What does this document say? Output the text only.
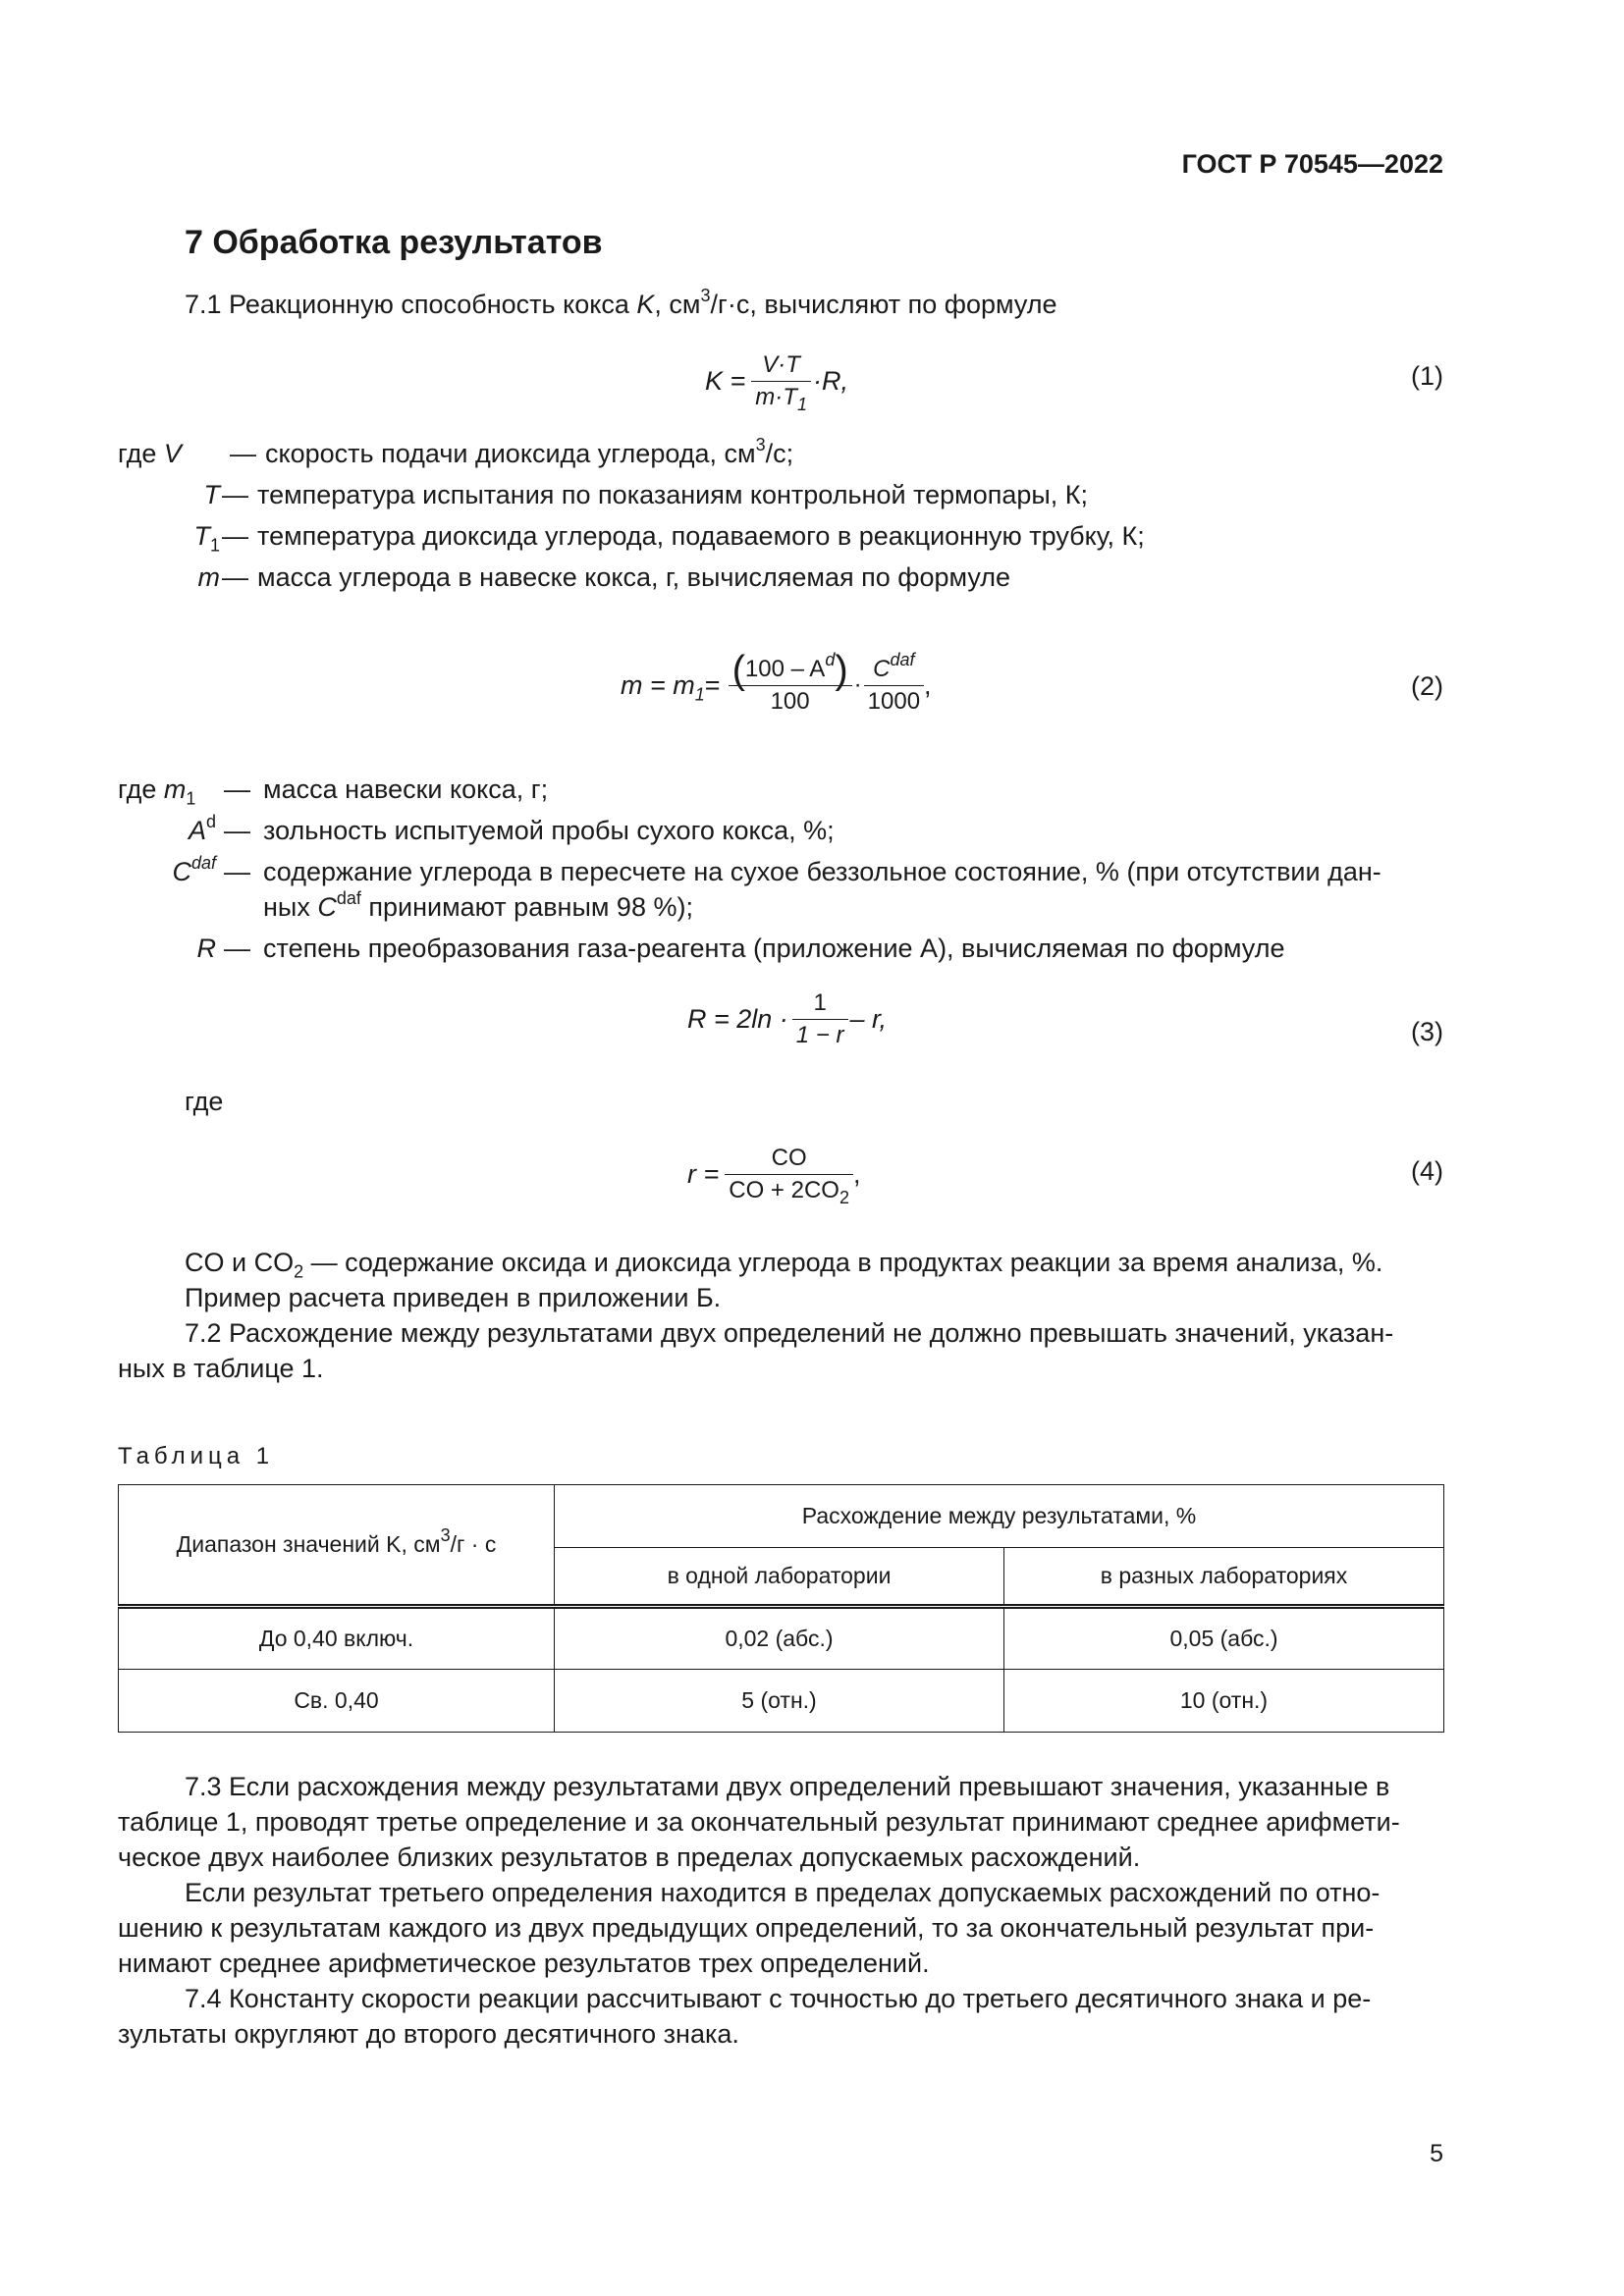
ГОСТ Р 70545—2022
7 Обработка результатов
7.1 Реакционную способность кокса K, $см^3/г\cdot с$, вычисляют по формуле
$K = \frac{V\cdot T}{m\cdot T_1} \cdot R$,	(1)
где V	— скорость подачи диоксида углерода, $см^3/с$;
T — температура испытания по показаниям контрольной термопары, К;
$T_1$ — температура диоксида углерода, подаваемого в реакционную трубку, К;
m — масса углерода в навеске кокса, г, вычисляемая по формуле
$m = m_1 = \frac{(100 - A^d)}{100} \cdot \frac{C^{daf}}{1000}$ ,	(2)
где $m_1$	— масса навески кокса, г;
$A^d$ — зольность испытуемой пробы сухого кокса, %;
$C^{daf}$ — содержание углерода в пересчете на сухое беззольное состояние, % (при отсутствии дан-
ных $C^{daf}$ принимают равным 98 %);
R — степень преобразования газа-реагента (приложение А), вычисляемая по формуле
$R = 2\ln \cdot \frac{1}{1 - r} - r$,	(3)
где
$r = \frac{CO}{CO + 2CO_2}$ ,	(4)
CO и $CO_2$ — содержание оксида и диоксида углерода в продуктах реакции за время анализа, %.
Пример расчета приведен в приложении Б.
7.2 Расхождение между результатами двух определений не должно превышать значений, указан-
ных в таблице 1.
Таблица 1
Диапазон значений K, $см^3/г \cdot с$	Расхождение между результатами, %	
	в одной лаборатории	в разных лабораториях
До 0,40 включ.	0,02 (абс.)	0,05 (абс.)
Св. 0,40	5 (отн.)	10 (отн.)
7.3 Если расхождения между результатами двух определений превышают значения, указанные в
таблице 1, проводят третье определение и за окончательный результат принимают среднее арифмети-
ческое двух наиболее близких результатов в пределах допускаемых расхождений.
Если результат третьего определения находится в пределах допускаемых расхождений по отно-
шению к результатам каждого из двух предыдущих определений, то за окончательный результат при-
нимают среднее арифметическое результатов трех определений.
7.4 Константу скорости реакции рассчитывают с точностью до третьего десятичного знака и ре-
зультаты округляют до второго десятичного знака.
5
